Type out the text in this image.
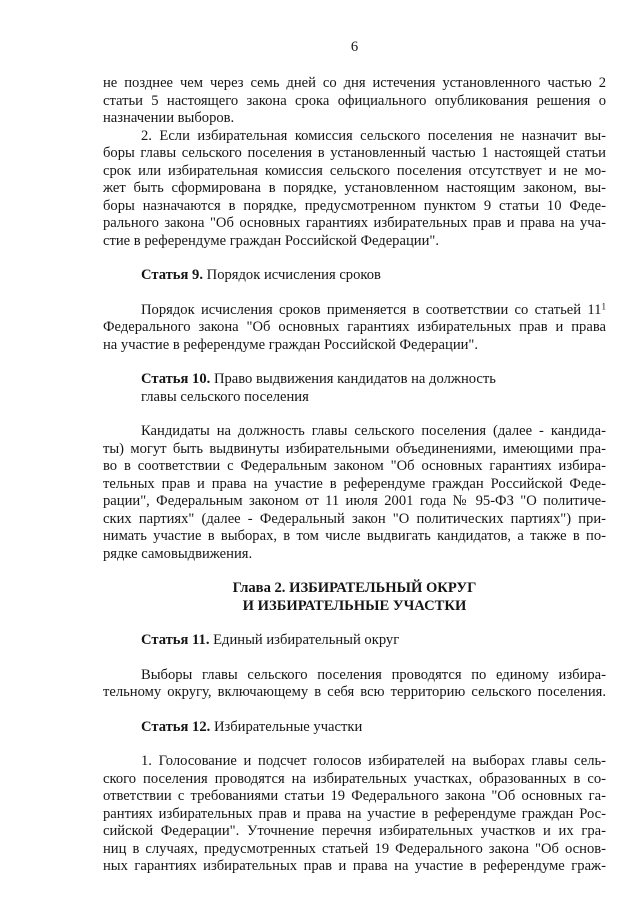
6
не позднее чем через семь дней со дня истечения установленного частью 2
статьи 5 настоящего закона срока официального опубликования решения о
назначении выборов.
2. Если избирательная комиссия сельского поселения не назначит вы-
боры главы сельского поселения в установленный частью 1 настоящей статьи
срок или избирательная комиссия сельского поселения отсутствует и не мо-
жет быть сформирована в порядке, установленном настоящим законом, вы-
боры назначаются в порядке, предусмотренном пунктом 9 статьи 10 Феде-
рального закона "Об основных гарантиях избирательных прав и права на уча-
стие в референдуме граждан Российской Федерации".
Статья 9. Порядок исчисления сроков
Порядок исчисления сроков применяется в соответствии со статьей $11^1$
Федерального закона "Об основных гарантиях избирательных прав и права
на участие в референдуме граждан Российской Федерации".
Статья 10. Право выдвижения кандидатов на должность
главы сельского поселения
Кандидаты на должность главы сельского поселения (далее - кандида-
ты) могут быть выдвинуты избирательными объединениями, имеющими пра-
во в соответствии с Федеральным законом "Об основных гарантиях избира-
тельных прав и права на участие в референдуме граждан Российской Феде-
рации", Федеральным законом от 11 июля 2001 года № 95-ФЗ "О политиче-
ских партиях" (далее - Федеральный закон "О политических партиях") при-
нимать участие в выборах, в том числе выдвигать кандидатов, а также в по-
рядке самовыдвижения.
Глава 2. ИЗБИРАТЕЛЬНЫЙ ОКРУГ
И ИЗБИРАТЕЛЬНЫЕ УЧАСТКИ
Статья 11. Единый избирательный округ
Выборы главы сельского поселения проводятся по единому избира-
тельному округу, включающему в себя всю территорию сельского поселения.
Статья 12. Избирательные участки
1. Голосование и подсчет голосов избирателей на выборах главы сель-
ского поселения проводятся на избирательных участках, образованных в со-
ответствии с требованиями статьи 19 Федерального закона "Об основных га-
рантиях избирательных прав и права на участие в референдуме граждан Рос-
сийской Федерации". Уточнение перечня избирательных участков и их гра-
ниц в случаях, предусмотренных статьей 19 Федерального закона "Об основ-
ных гарантиях избирательных прав и права на участие в референдуме граж-
